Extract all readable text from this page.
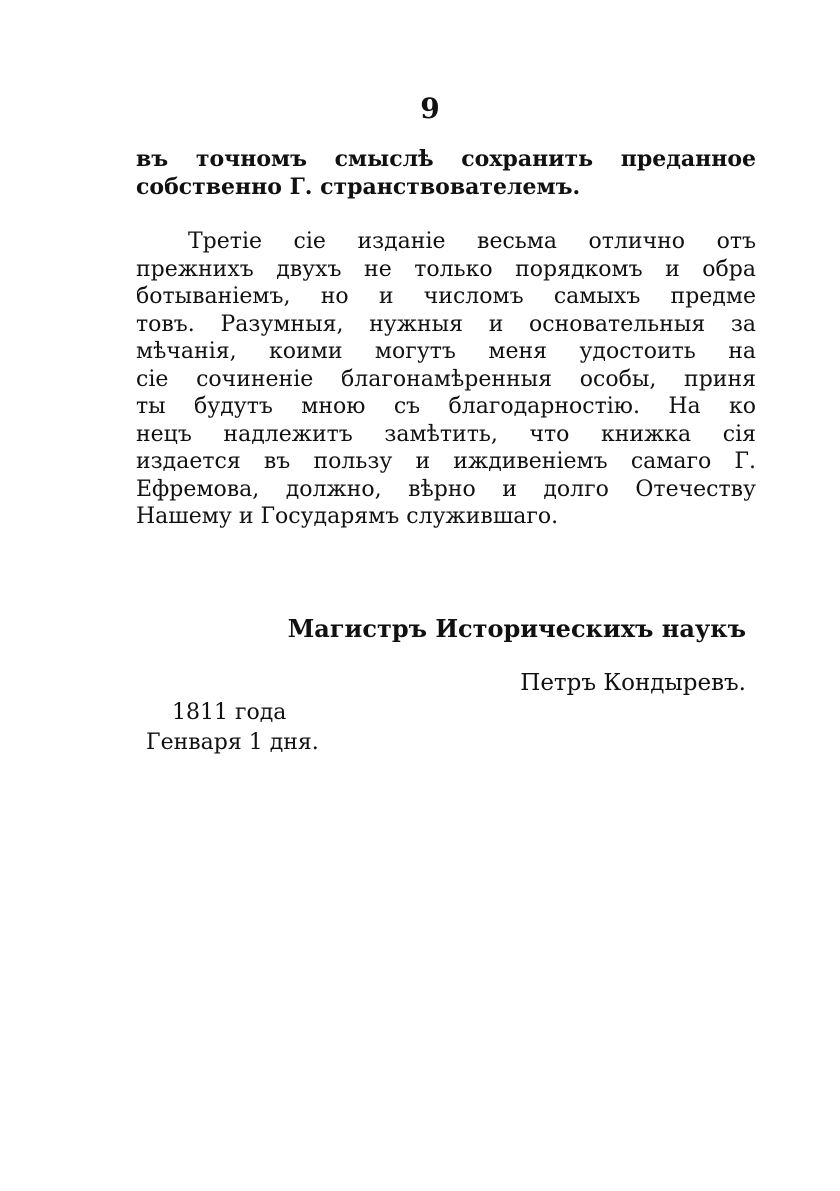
9
въ точномъ смыслѣ сохранить преданное
собственно Г. странствователемъ.
Третіе сіе изданіе весьма отлично отъ
прежнихъ двухъ не только порядкомъ и обра
ботываніемъ, но и числомъ самыхъ предме
товъ. Разумныя, нужныя и основательныя за
мѣчанія, коими могутъ меня удостоить на
сіе сочиненіе благонамѣренныя особы, приня
ты будутъ мною съ благодарностію. На ко
нецъ надлежитъ замѣтить, что книжка сія
издается въ пользу и иждивеніемъ самаго Г.
Ефремова, должно, вѣрно и долго Отечеству
Нашему и Государямъ служившаго.
Магистръ Историческихъ наукъ
Петръ Кондыревъ.
1811 года
Генваря 1 дня.
